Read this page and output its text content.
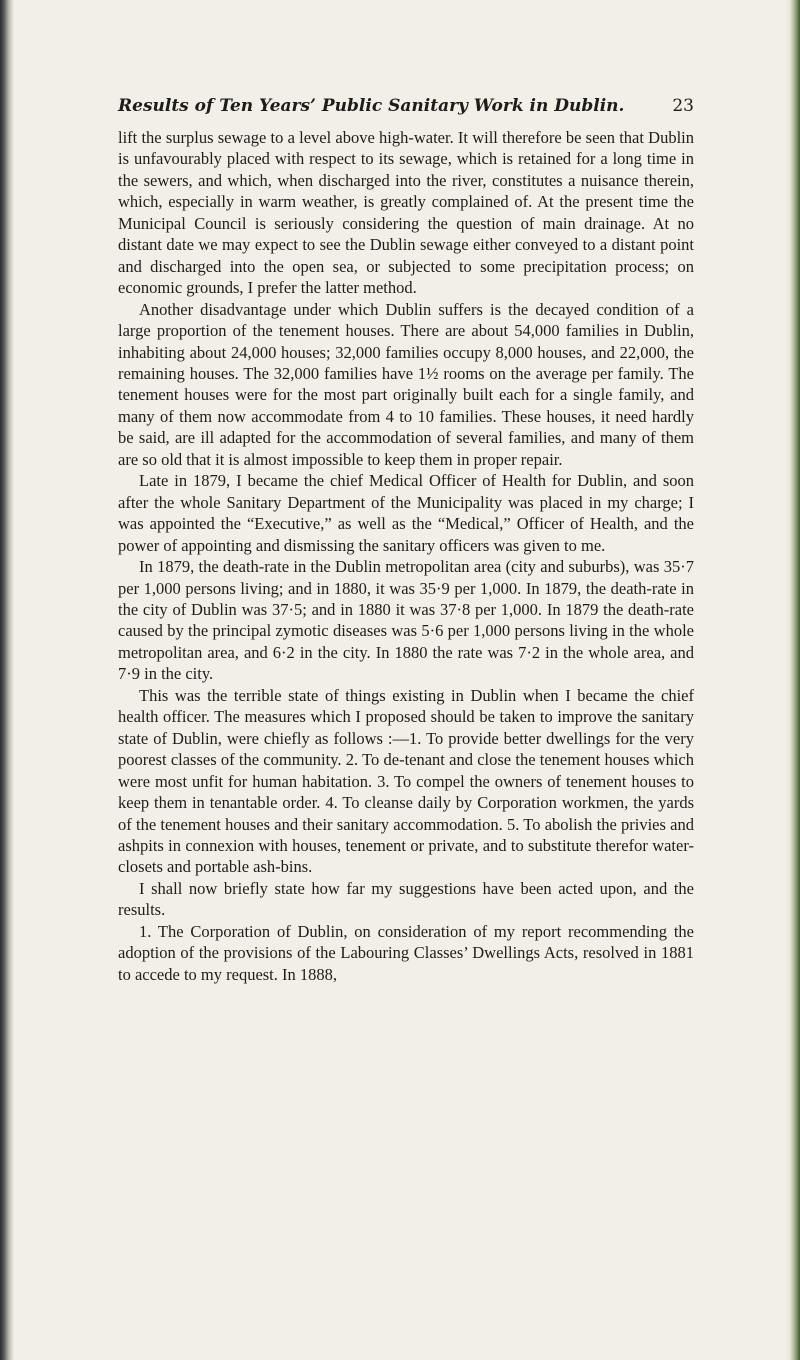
Results of Ten Years’ Public Sanitary Work in Dublin.	23

lift the surplus sewage to a level above high-water. It will therefore be seen that Dublin is unfavourably placed with respect to its sewage, which is retained for a long time in the sewers, and which, when discharged into the river, constitutes a nuisance therein, which, especially in warm weather, is greatly complained of. At the present time the Municipal Council is seriously considering the question of main drainage. At no distant date we may expect to see the Dublin sewage either conveyed to a distant point and discharged into the open sea, or subjected to some precipitation process; on economic grounds, I prefer the latter method.

Another disadvantage under which Dublin suffers is the decayed condition of a large proportion of the tenement houses. There are about 54,000 families in Dublin, inhabiting about 24,000 houses; 32,000 families occupy 8,000 houses, and 22,000, the remaining houses. The 32,000 families have 1½ rooms on the average per family. The tenement houses were for the most part originally built each for a single family, and many of them now accommodate from 4 to 10 families. These houses, it need hardly be said, are ill adapted for the accommodation of several families, and many of them are so old that it is almost impossible to keep them in proper repair.

Late in 1879, I became the chief Medical Officer of Health for Dublin, and soon after the whole Sanitary Department of the Municipality was placed in my charge; I was appointed the “Executive,” as well as the “Medical,” Officer of Health, and the power of appointing and dismissing the sanitary officers was given to me.

In 1879, the death-rate in the Dublin metropolitan area (city and suburbs), was 35·7 per 1,000 persons living; and in 1880, it was 35·9 per 1,000. In 1879, the death-rate in the city of Dublin was 37·5; and in 1880 it was 37·8 per 1,000. In 1879 the death-rate caused by the principal zymotic diseases was 5·6 per 1,000 persons living in the whole metropolitan area, and 6·2 in the city. In 1880 the rate was 7·2 in the whole area, and 7·9 in the city.

This was the terrible state of things existing in Dublin when I became the chief health officer. The measures which I proposed should be taken to improve the sanitary state of Dublin, were chiefly as follows :—1. To provide better dwellings for the very poorest classes of the community. 2. To de-tenant and close the tenement houses which were most unfit for human habitation. 3. To compel the owners of tenement houses to keep them in tenantable order. 4. To cleanse daily by Corporation workmen, the yards of the tenement houses and their sanitary accommodation. 5. To abolish the privies and ashpits in connexion with houses, tenement or private, and to substitute therefor water-closets and portable ash-bins.

I shall now briefly state how far my suggestions have been acted upon, and the results.

1. The Corporation of Dublin, on consideration of my report recommending the adoption of the provisions of the Labouring Classes’ Dwellings Acts, resolved in 1881 to accede to my request. In 1888,
